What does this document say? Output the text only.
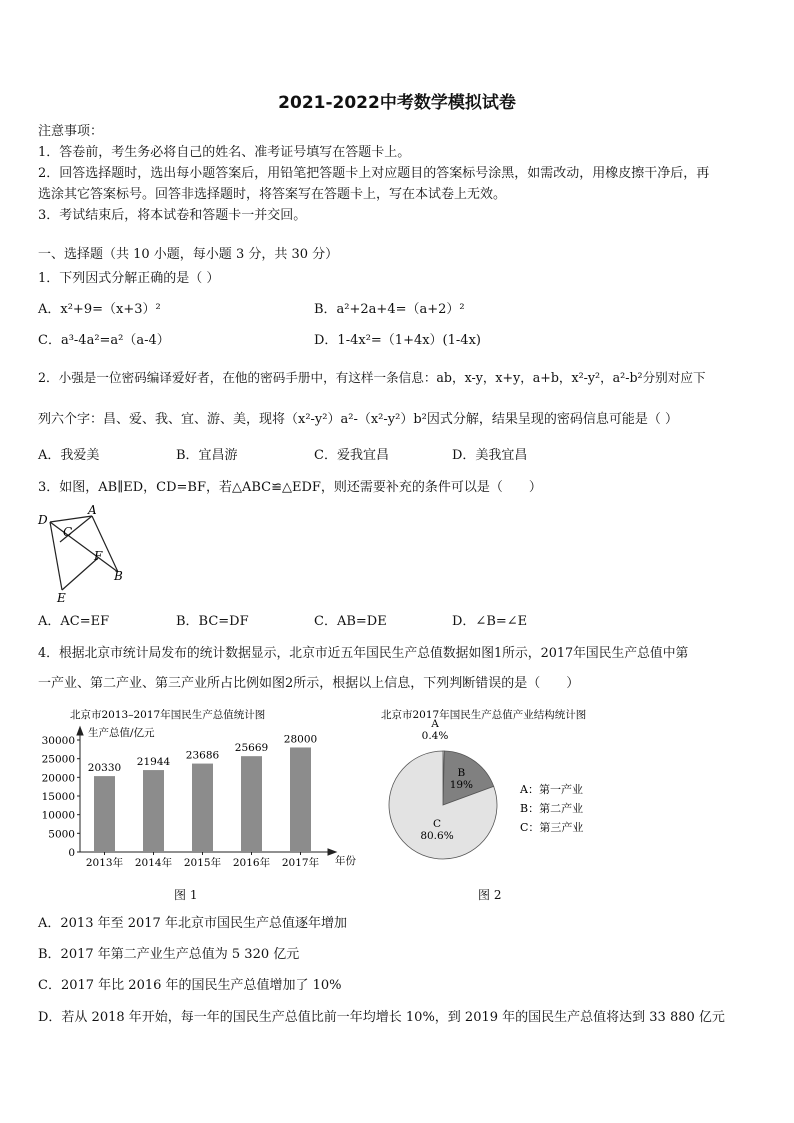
2021-2022中考数学模拟试卷
注意事项：
1．答卷前，考生务必将自己的姓名、准考证号填写在答题卡上。
2．回答选择题时，选出每小题答案后，用铅笔把答题卡上对应题目的答案标号涂黑，如需改动，用橡皮擦干净后，再
选涂其它答案标号。回答非选择题时，将答案写在答题卡上，写在本试卷上无效。
3．考试结束后，将本试卷和答题卡一并交回。
一、选择题（共 10 小题，每小题 3 分，共 30 分）
1．下列因式分解正确的是（ ）
A．x²+9=（x+3）²	B．a²+2a+4=（a+2）²
C．a³-4a²=a²（a-4）	D．1-4x²=（1+4x）(1-4x)
2．小强是一位密码编译爱好者，在他的密码手册中，有这样一条信息：ab，x-y，x+y，a+b，x²-y²，a²-b²分别对应下
列六个字：昌、爱、我、宜、游、美，现将（x²-y²）a²-（x²-y²）b²因式分解，结果呈现的密码信息可能是（ ）
A．我爱美	B．宜昌游	C．爱我宜昌	D．美我宜昌
3．如图，AB∥ED，CD=BF，若△ABC≌△EDF，则还需要补充的条件可以是（　　）
D
A
C
F
B
E
A．AC=EF	B．BC=DF	C．AB=DE	D．∠B=∠E
4．根据北京市统计局发布的统计数据显示，北京市近五年国民生产总值数据如图1所示，2017年国民生产总值中第
一产业、第二产业、第三产业所占比例如图2所示，根据以上信息，下列判断错误的是（　　）
北京市2013–2017年国民生产总值统计图
生产总值/亿元
0
5000
10000
15000
20000
25000
30000
20330
21944
23686
25669
28000
2013年 2014年 2015年 2016年 2017年 年份
北京市2017年国民生产总值产业结构统计图
A
0.4%
B
19%
C
80.6%
A：第一产业
B：第二产业
C：第三产业
图 1	图 2
A．2013 年至 2017 年北京市国民生产总值逐年增加
B．2017 年第二产业生产总值为 5 320 亿元
C．2017 年比 2016 年的国民生产总值增加了 10%
D．若从 2018 年开始，每一年的国民生产总值比前一年均增长 10%，到 2019 年的国民生产总值将达到 33 880 亿元
